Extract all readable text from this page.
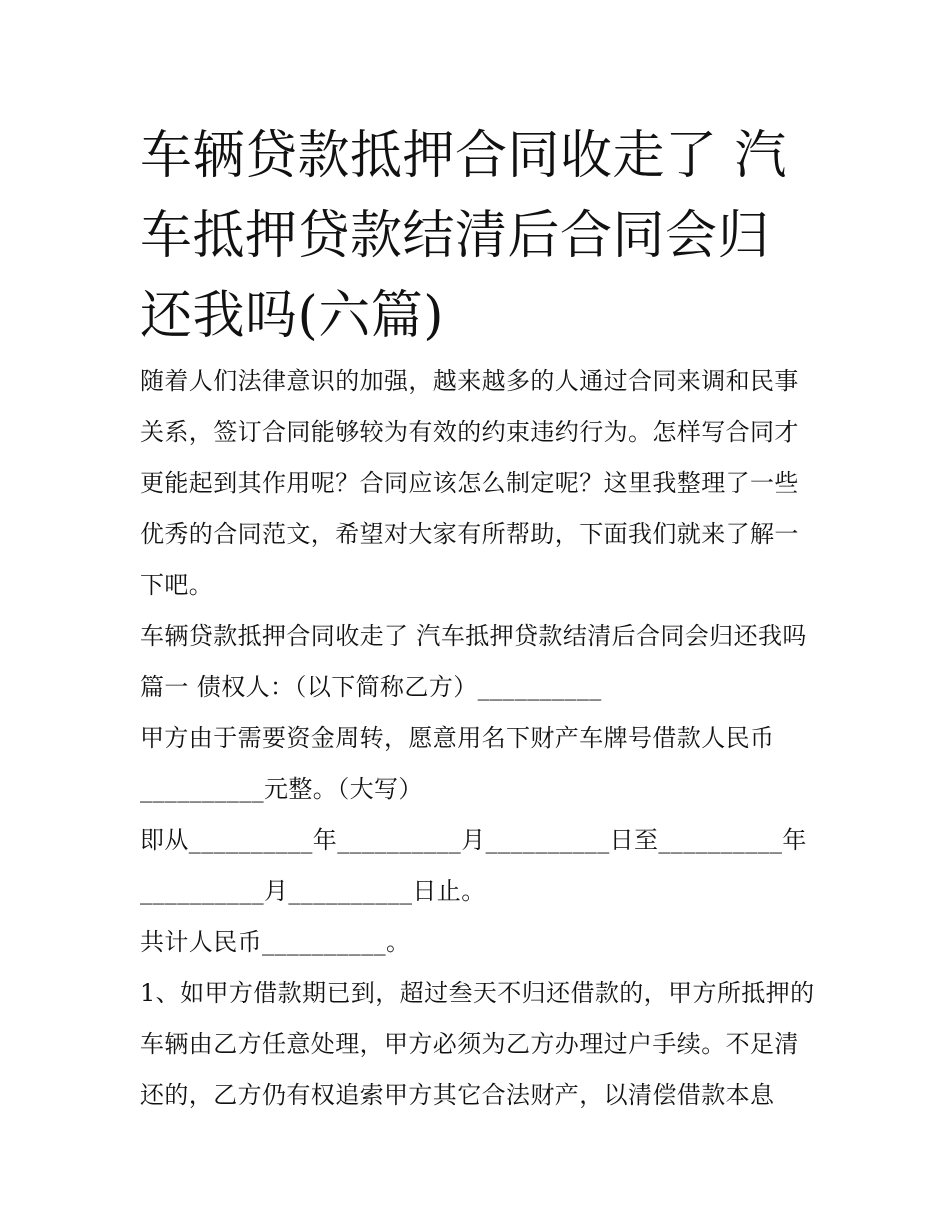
车辆贷款抵押合同收走了 汽车抵押贷款结清后合同会归还我吗(六篇)

随着人们法律意识的加强，越来越多的人通过合同来调和民事关系，签订合同能够较为有效的约束违约行为。怎样写合同才更能起到其作用呢？合同应该怎么制定呢？这里我整理了一些优秀的合同范文，希望对大家有所帮助，下面我们就来了解一下吧。

车辆贷款抵押合同收走了 汽车抵押贷款结清后合同会归还我吗篇一 债权人：（以下简称乙方）__________

甲方由于需要资金周转，愿意用名下财产车牌号借款人民币__________元整。（大写）

即从__________年__________月__________日至__________年__________月__________日止。

共计人民币__________。

1、如甲方借款期已到，超过叁天不归还借款的，甲方所抵押的车辆由乙方任意处理，甲方必须为乙方办理过户手续。不足清还的，乙方仍有权追索甲方其它合法财产，以清偿借款本息
